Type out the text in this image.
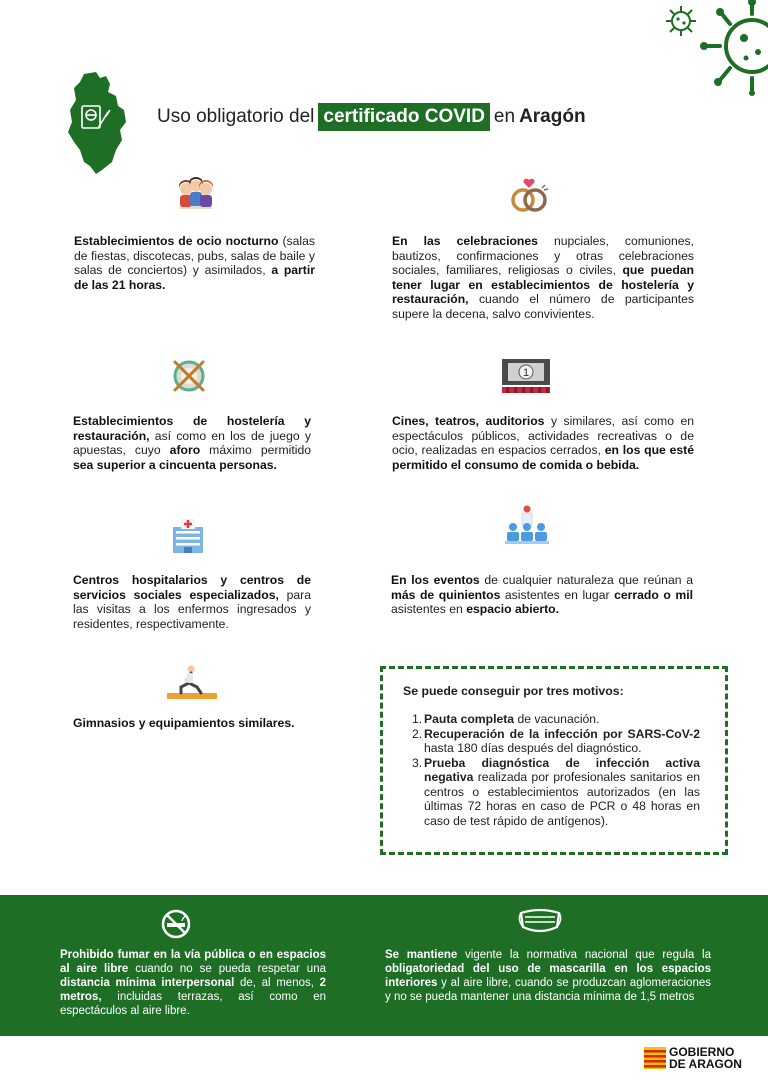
Uso obligatorio del certificado COVID en Aragón
1
Establecimientos de ocio nocturno (salas de fiestas, discotecas, pubs, salas de baile y salas de conciertos) y asimilados, a partir de las 21 horas.
En las celebraciones nupciales, comuniones, bautizos, confirmaciones y otras celebraciones sociales, familiares, religiosas o civiles, que puedan tener lugar en establecimientos de hostelería y restauración, cuando el número de participantes supere la decena, salvo convivientes.
Establecimientos de hostelería y restauración, así como en los de juego y apuestas, cuyo aforo máximo permitido sea superior a cincuenta personas.
Cines, teatros, auditorios y similares, así como en espectáculos públicos, actividades recreativas o de ocio, realizadas en espacios cerrados, en los que esté permitido el consumo de comida o bebida.
Centros hospitalarios y centros de servicios sociales especializados, para las visitas a los enfermos ingresados y residentes, respectivamente.
En los eventos de cualquier naturaleza que reúnan a más de quinientos asistentes en lugar cerrado o mil asistentes en espacio abierto.
Gimnasios y equipamientos similares.
Se puede conseguir por tres motivos:
1. Pauta completa de vacunación.
2. Recuperación de la infección por SARS-CoV-2 hasta 180 días después del diagnóstico.
3. Prueba diagnóstica de infección activa negativa realizada por profesionales sanitarios en centros o establecimientos autorizados (en las últimas 72 horas en caso de PCR o 48 horas en caso de test rápido de antígenos).
Prohibido fumar en la vía pública o en espacios al aire libre cuando no se pueda respetar una distancia mínima interpersonal de, al menos, 2 metros, incluidas terrazas, así como en espectáculos al aire libre.
Se mantiene vigente la normativa nacional que regula la obligatoriedad del uso de mascarilla en los espacios interiores y al aire libre, cuando se produzcan aglomeraciones y no se pueda mantener una distancia mínima de 1,5 metros
GOBIERNO
DE ARAGON
